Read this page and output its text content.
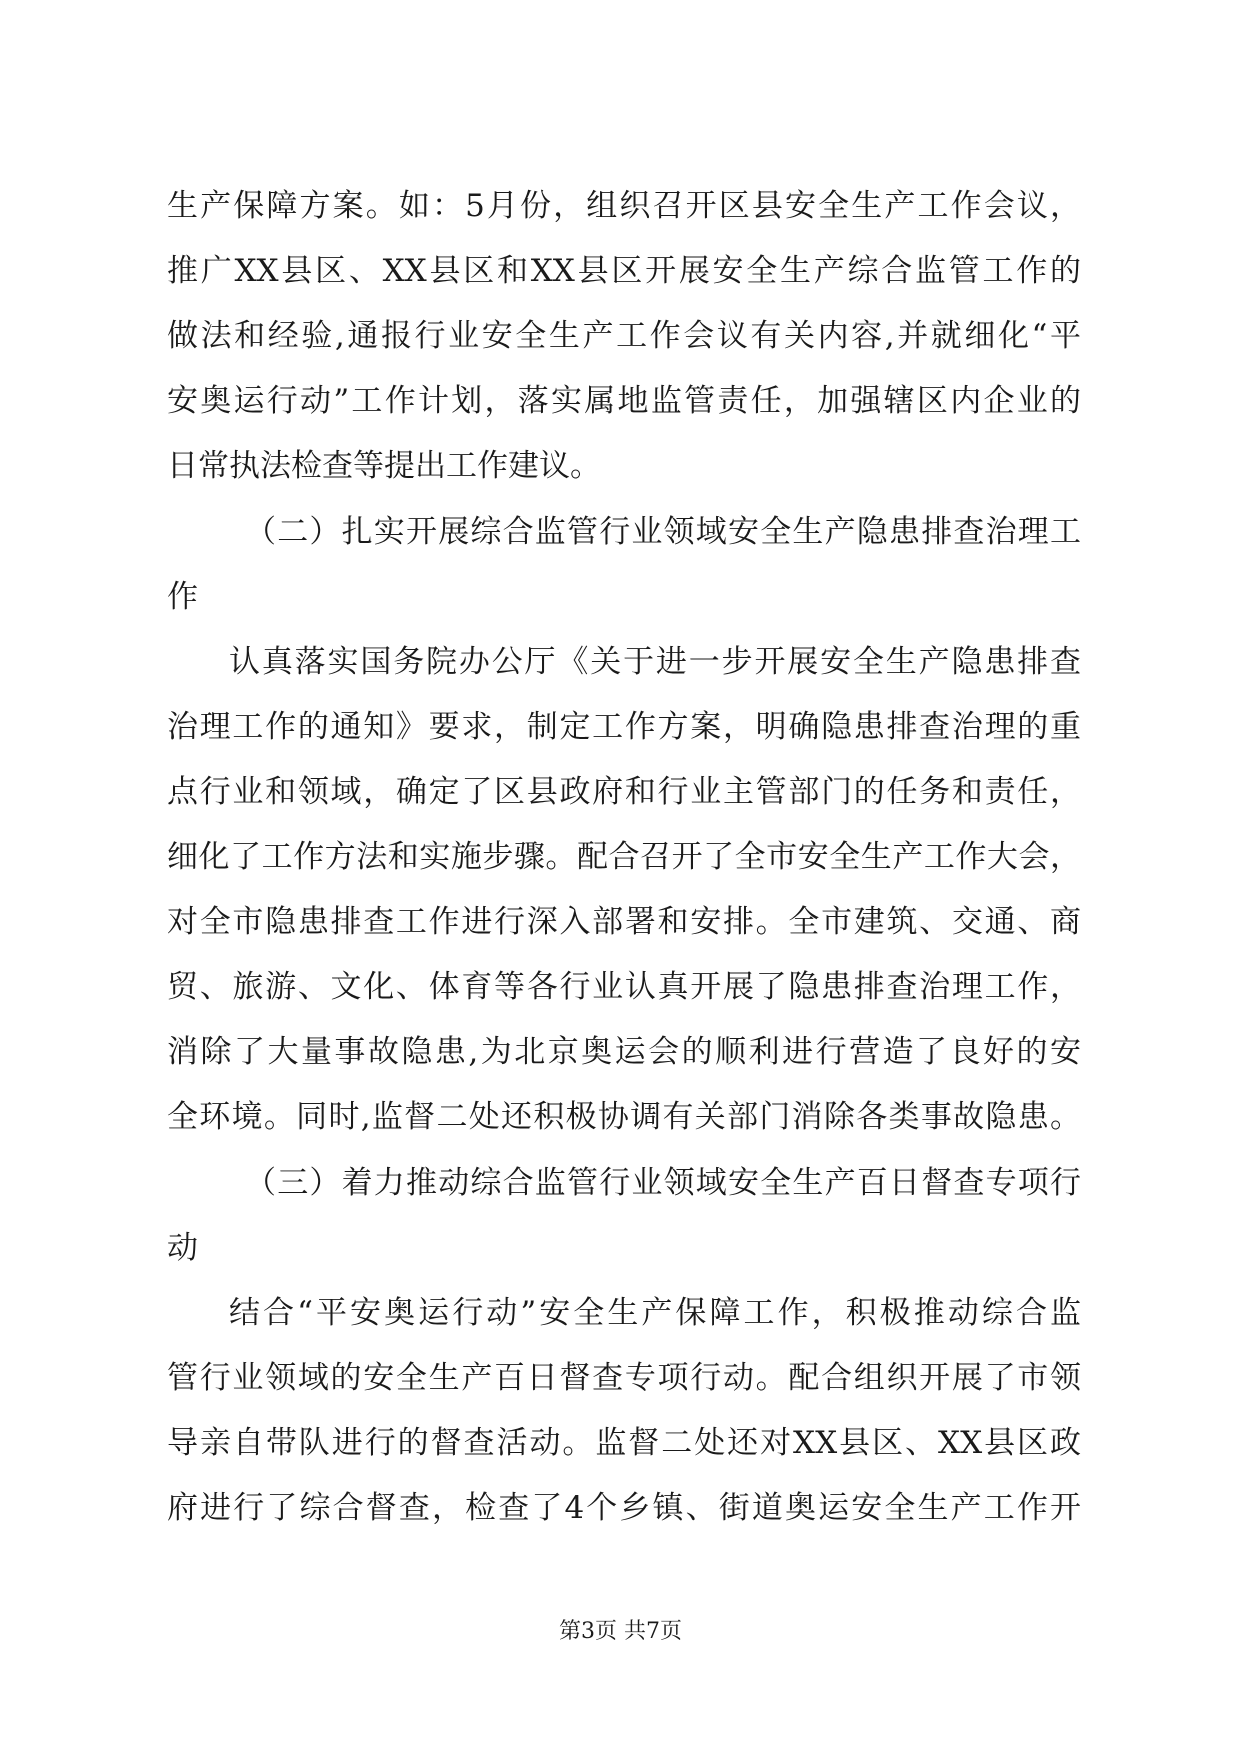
生产保障方案。如：5月份，组织召开区县安全生产工作会议，
推广XX县区、XX县区和XX县区开展安全生产综合监管工作的
做法和经验,通报行业安全生产工作会议有关内容,并就细化“平
安奥运行动”工作计划，落实属地监管责任，加强辖区内企业的
日常执法检查等提出工作建议。
（二）扎实开展综合监管行业领域安全生产隐患排查治理工
作
认真落实国务院办公厅《关于进一步开展安全生产隐患排查
治理工作的通知》要求，制定工作方案，明确隐患排查治理的重
点行业和领域，确定了区县政府和行业主管部门的任务和责任，
细化了工作方法和实施步骤。配合召开了全市安全生产工作大会，
对全市隐患排查工作进行深入部署和安排。全市建筑、交通、商
贸、旅游、文化、体育等各行业认真开展了隐患排查治理工作，
消除了大量事故隐患,为北京奥运会的顺利进行营造了良好的安
全环境。同时,监督二处还积极协调有关部门消除各类事故隐患。
（三）着力推动综合监管行业领域安全生产百日督查专项行
动
结合“平安奥运行动”安全生产保障工作，积极推动综合监
管行业领域的安全生产百日督查专项行动。配合组织开展了市领
导亲自带队进行的督查活动。监督二处还对XX县区、XX县区政
府进行了综合督查，检查了4个乡镇、街道奥运安全生产工作开
第3页 共7页
